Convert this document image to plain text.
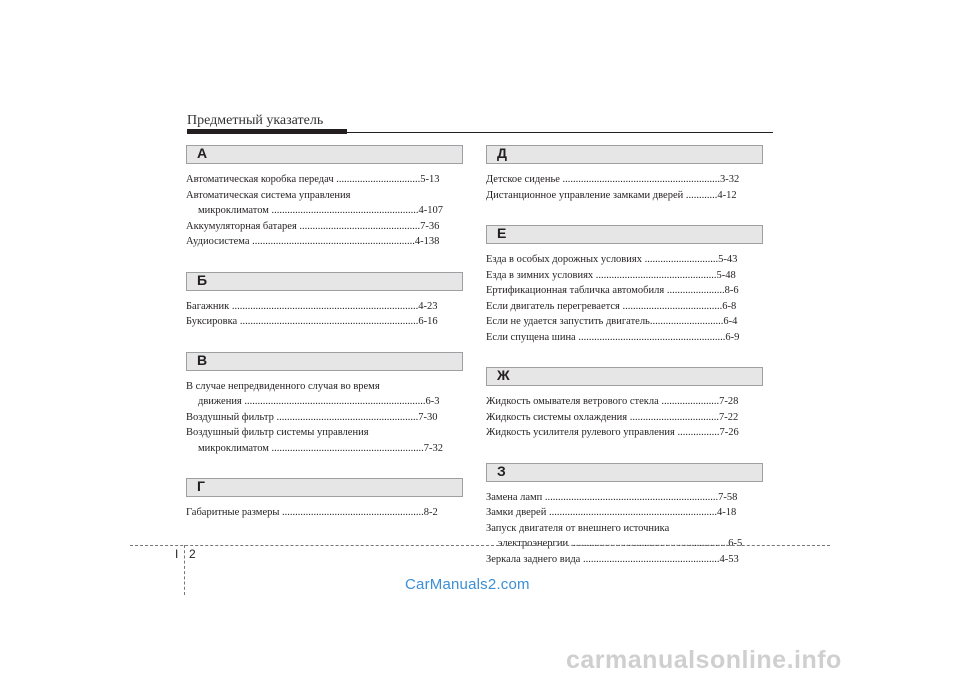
Предметный указатель
А
Автоматическая коробка передач ................................5-13
Автоматическая система управления
микроклиматом ........................................................4-107
Аккумуляторная батарея ..............................................7-36
Аудиосистема ..............................................................4-138
Б
Багажник .......................................................................4-23
Буксировка ....................................................................6-16
В
В случае непредвиденного случая во время
движения .....................................................................6-3
Воздушный фильтр ......................................................7-30
Воздушный фильтр системы управления
микроклиматом ..........................................................7-32
Г
Габаритные размеры ......................................................8-2
Д
Детское сиденье ............................................................3-32
Дистанционное управление замками дверей ............4-12
Е
Езда в особых дорожных условиях ............................5-43
Езда в зимних условиях ..............................................5-48
Ертификационная табличка автомобиля ......................8-6
Если двигатель перегревается ......................................6-8
Если не удается запустить двигатель............................6-4
Если спущена шина ........................................................6-9
Ж
Жидкость омывателя ветрового стекла ......................7-28
Жидкость системы охлаждения ..................................7-22
Жидкость усилителя рулевого управления ................7-26
З
Замена ламп ..................................................................7-58
Замки дверей ................................................................4-18
Запуск двигателя от внешнего источника
электроэнергии ............................................................6-5
Зеркала заднего вида ....................................................4-53
I 2
CarManuals2.com
carmanualsonline.info
